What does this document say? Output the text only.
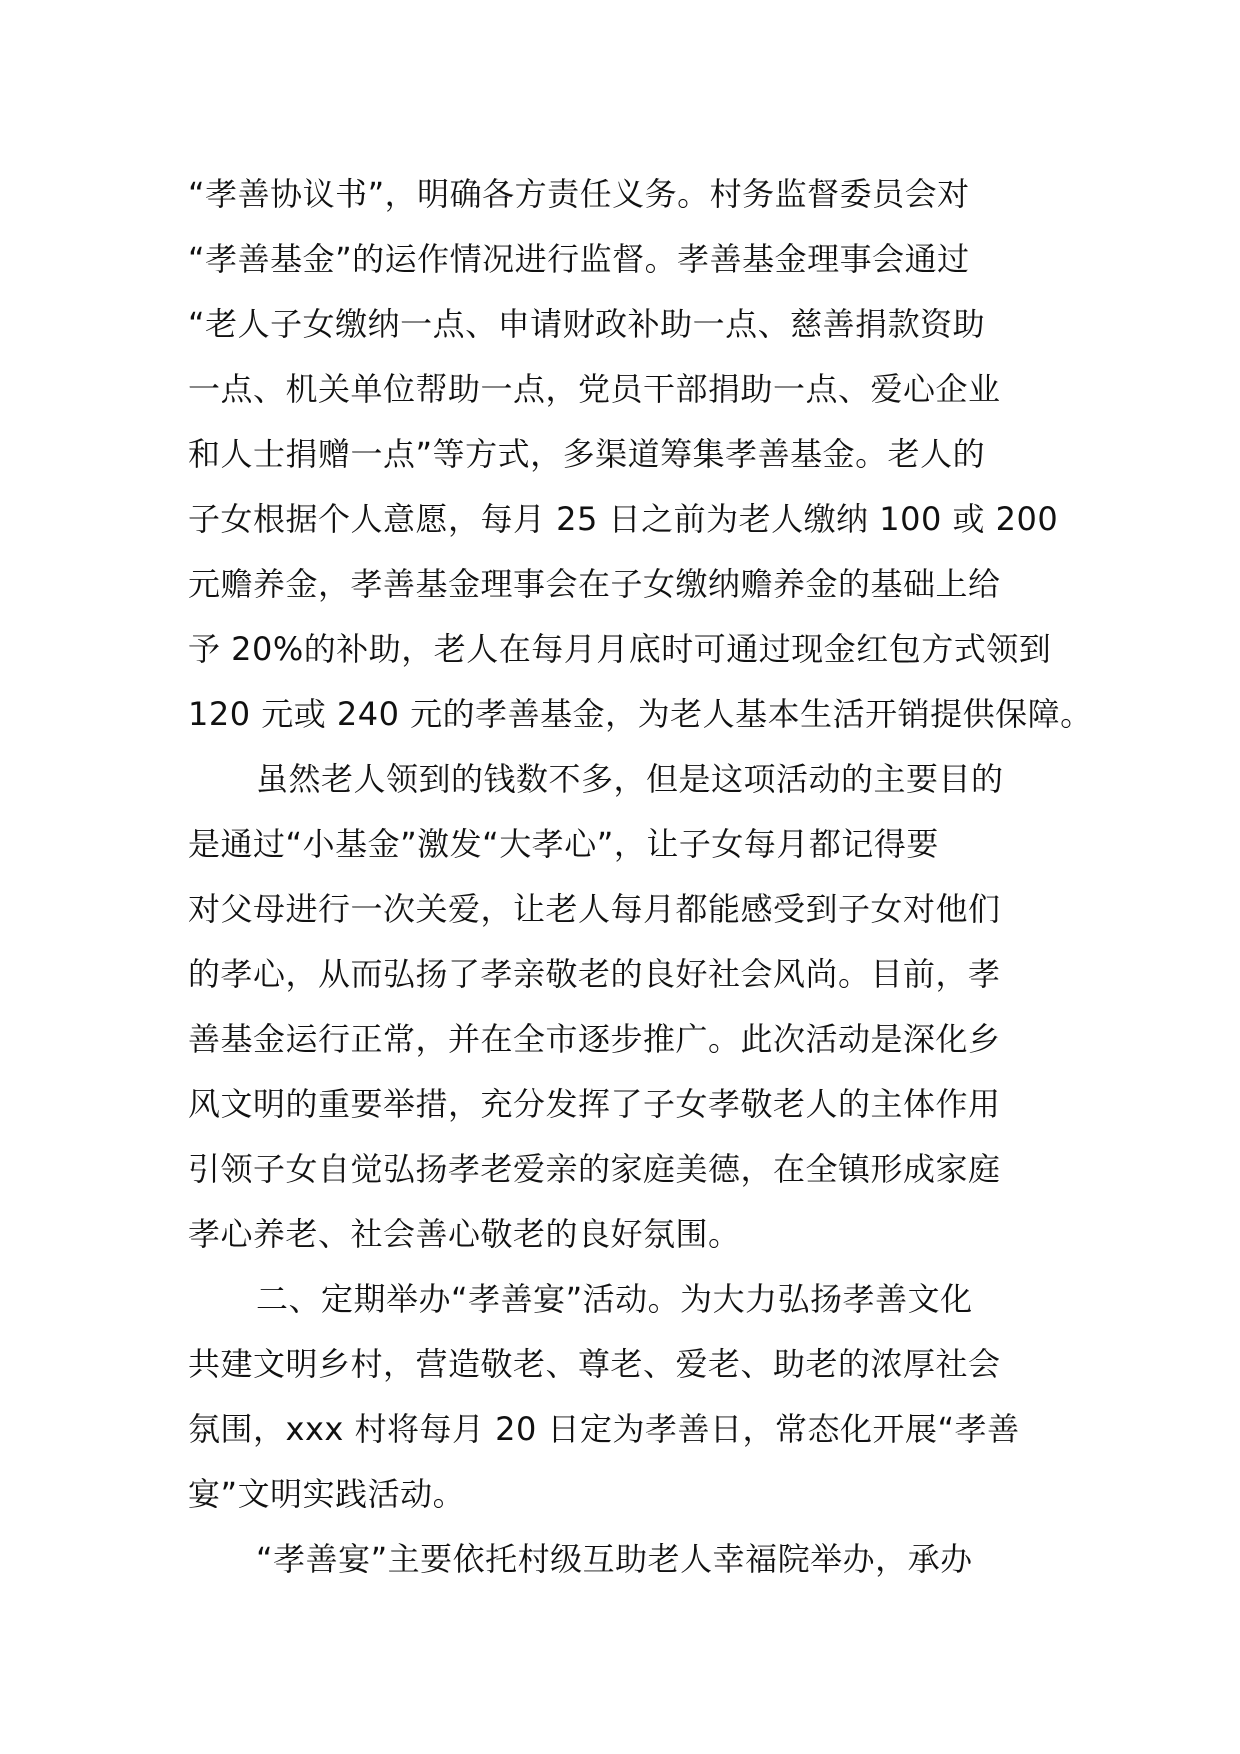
“孝善协议书”，明确各方责任义务。村务监督委员会对
“孝善基金”的运作情况进行监督。孝善基金理事会通过
“老人子女缴纳一点、申请财政补助一点、慈善捐款资助
一点、机关单位帮助一点，党员干部捐助一点、爱心企业
和人士捐赠一点”等方式，多渠道筹集孝善基金。老人的
子女根据个人意愿，每月 25 日之前为老人缴纳 100 或 200
元赡养金，孝善基金理事会在子女缴纳赡养金的基础上给
予 20%的补助，老人在每月月底时可通过现金红包方式领到
120 元或 240 元的孝善基金，为老人基本生活开销提供保障。
虽然老人领到的钱数不多，但是这项活动的主要目的
是通过“小基金”激发“大孝心”，让子女每月都记得要
对父母进行一次关爱，让老人每月都能感受到子女对他们
的孝心，从而弘扬了孝亲敬老的良好社会风尚。目前，孝
善基金运行正常，并在全市逐步推广。此次活动是深化乡
风文明的重要举措，充分发挥了子女孝敬老人的主体作用
引领子女自觉弘扬孝老爱亲的家庭美德，在全镇形成家庭
孝心养老、社会善心敬老的良好氛围。
二、定期举办“孝善宴”活动。为大力弘扬孝善文化
共建文明乡村，营造敬老、尊老、爱老、助老的浓厚社会
氛围，xxx 村将每月 20 日定为孝善日，常态化开展“孝善
宴”文明实践活动。
“孝善宴”主要依托村级互助老人幸福院举办，承办
